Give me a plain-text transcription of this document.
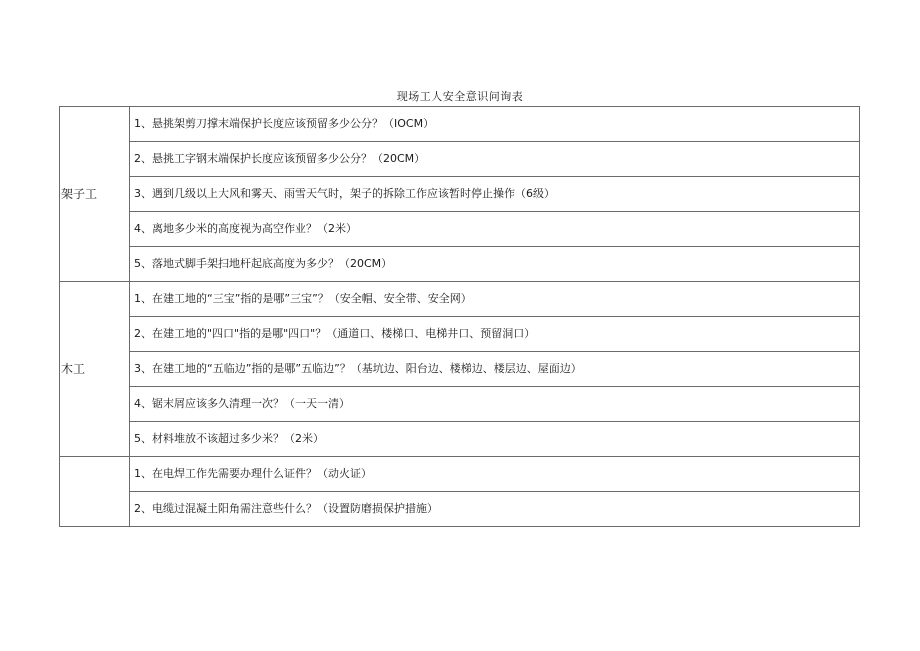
现场工人安全意识问询表
架子工	1、悬挑架剪刀撑末端保护长度应该预留多少公分？（IOCM）
	2、悬挑工字钢末端保护长度应该预留多少公分？（20CM）
	3、遇到几级以上大风和雾天、雨雪天气时，架子的拆除工作应该暂时停止操作（6级）
	4、离地多少米的高度视为高空作业？（2米）
	5、落地式脚手架扫地杆起底高度为多少？（20CM）
木工	1、在建工地的“三宝”指的是哪”三宝”？（安全帽、安全带、安全网）
	2、在建工地的"四口"指的是哪"四口"？（通道口、楼梯口、电梯井口、预留洞口）
	3、在建工地的“五临边”指的是哪”五临边”？（基坑边、阳台边、楼梯边、楼层边、屋面边）
	4、锯末屑应该多久清理一次？（一天一清）
	5、材料堆放不该超过多少米？（2米）
	1、在电焊工作先需要办理什么证件？（动火证）
	2、电缆过混凝土阳角需注意些什么？（设置防磨损保护措施）
